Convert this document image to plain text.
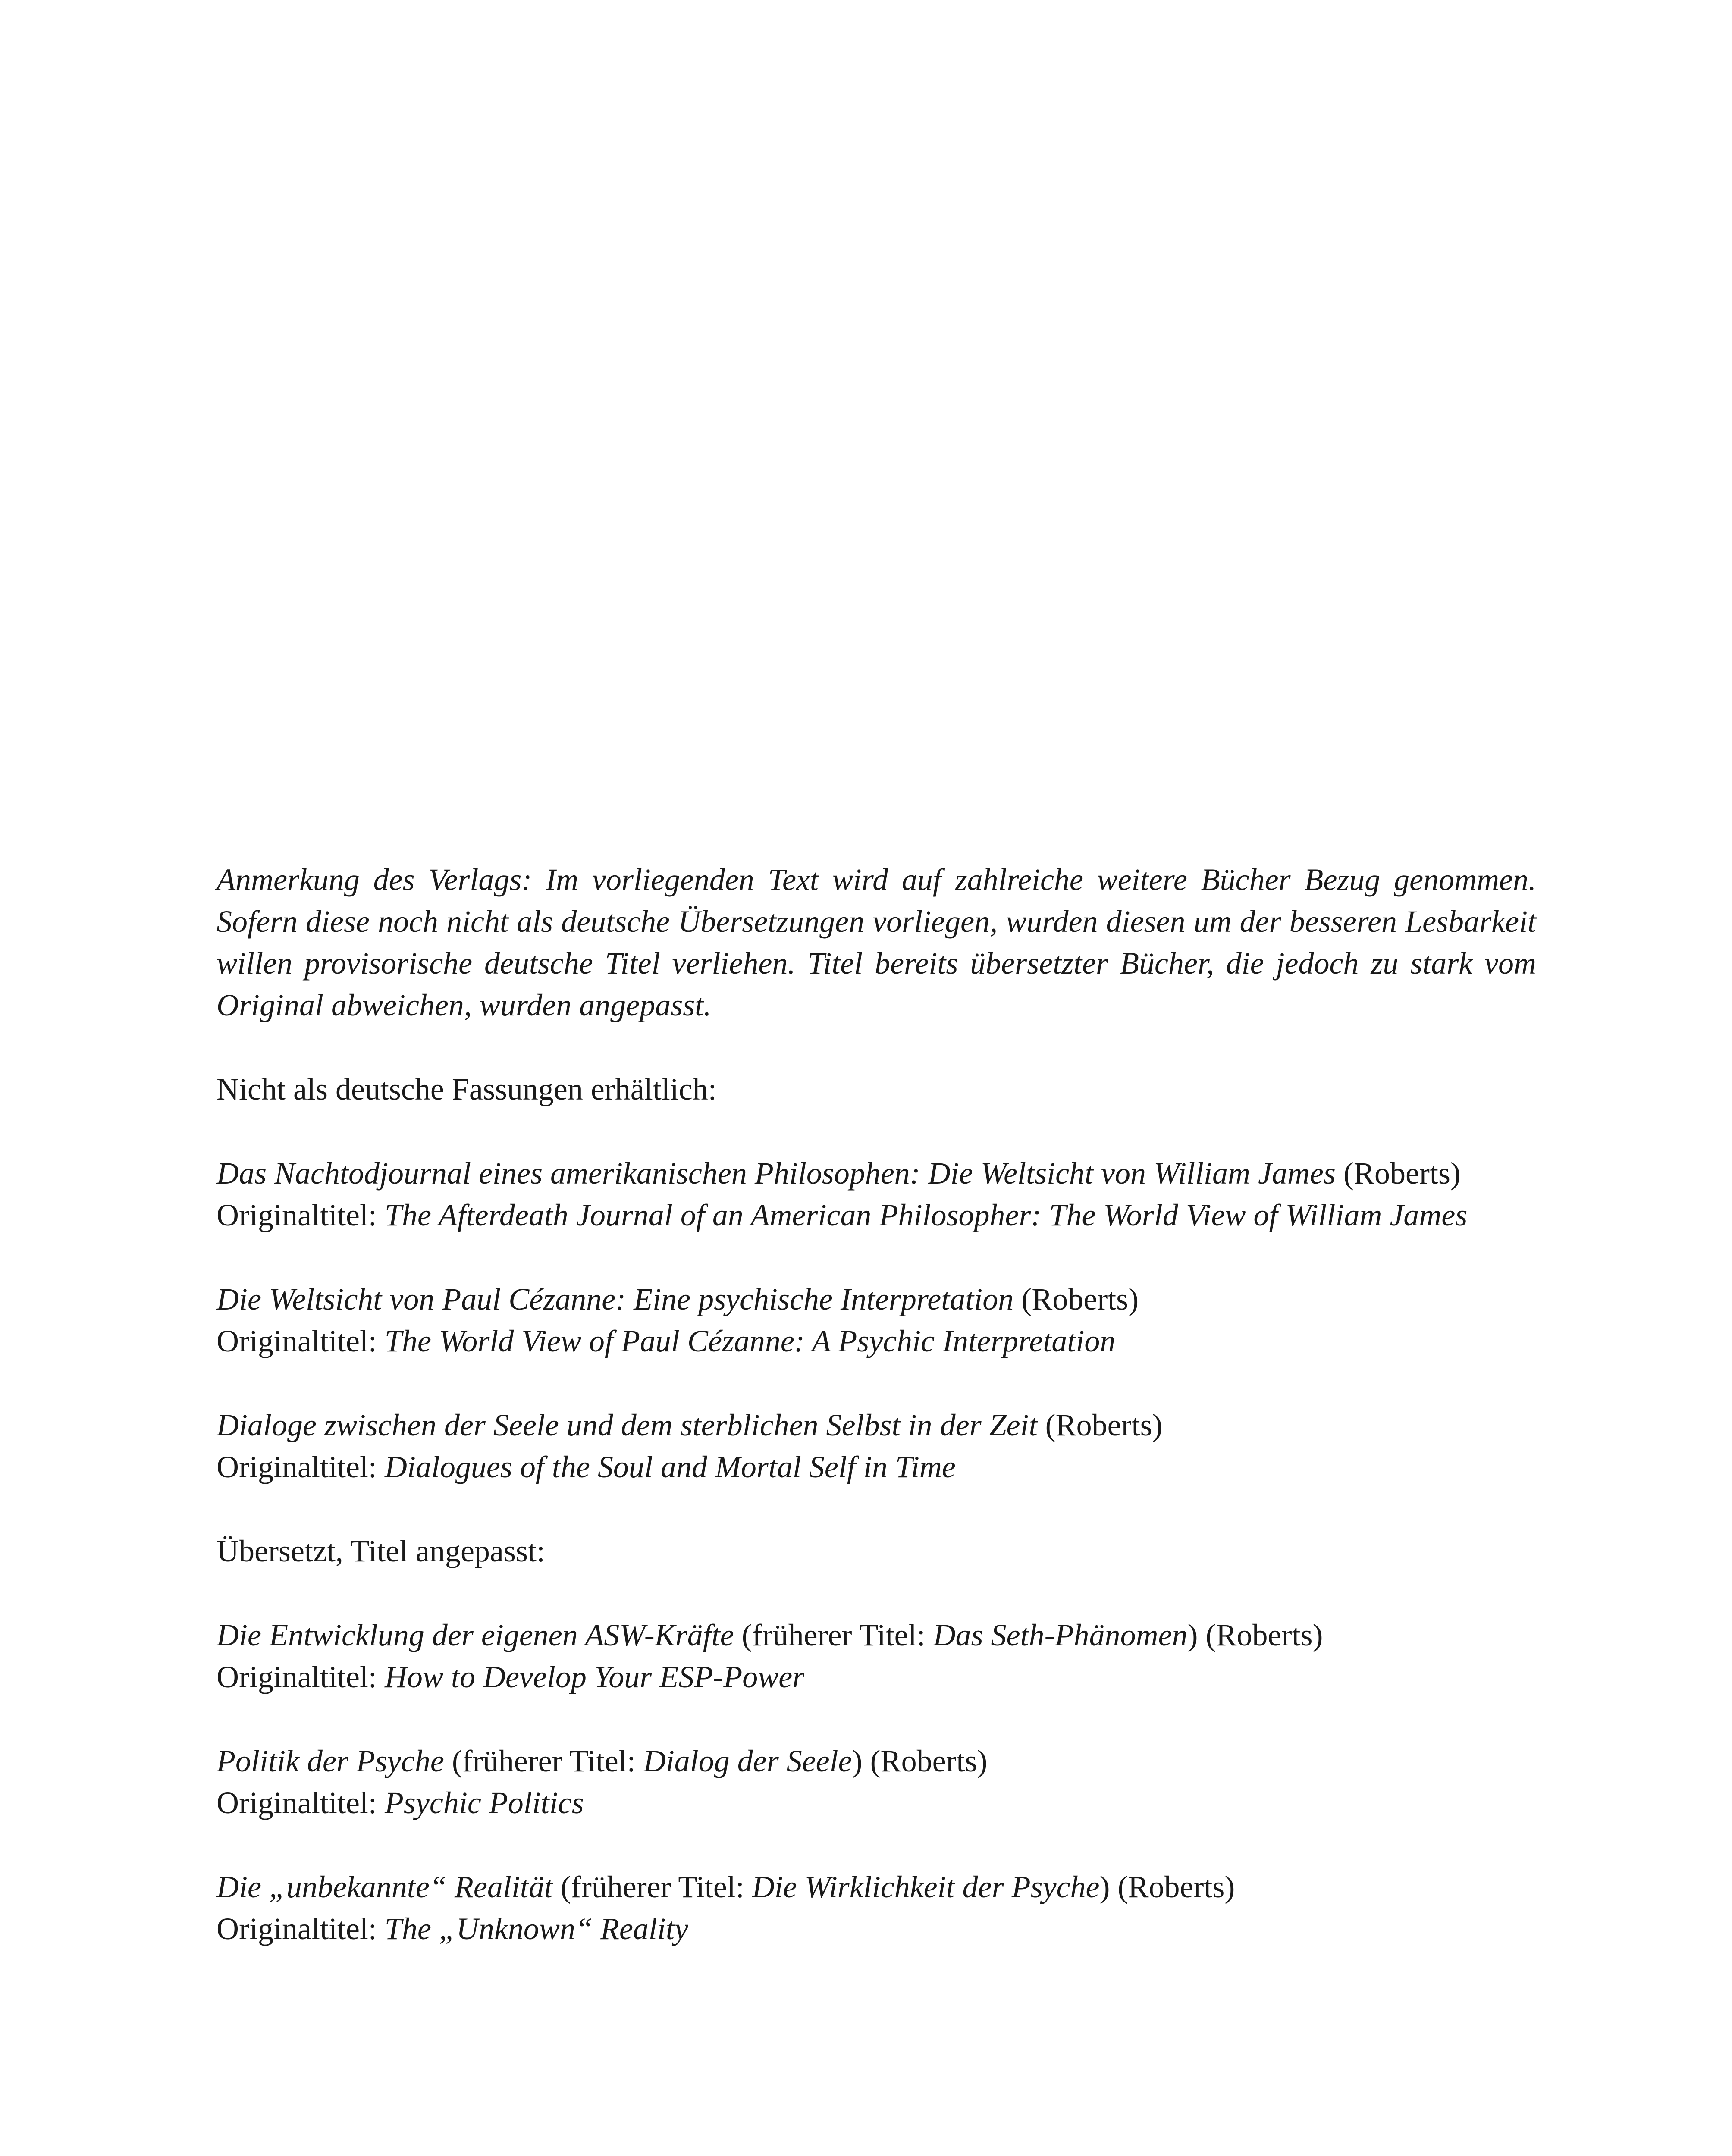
Anmerkung des Verlags: Im vorliegenden Text wird auf zahlreiche weitere Bücher Bezug genommen. Sofern diese noch nicht als deutsche Übersetzungen vorliegen, wurden diesen um der besseren Lesbarkeit willen provisorische deutsche Titel verliehen. Titel bereits übersetzter Bücher, die jedoch zu stark vom Original abweichen, wurden angepasst.

Nicht als deutsche Fassungen erhältlich:

Das Nachtodjournal eines amerikanischen Philosophen: Die Weltsicht von William James (Roberts)

Originaltitel: The Afterdeath Journal of an American Philosopher: The World View of William James

Die Weltsicht von Paul Cézanne: Eine psychische Interpretation (Roberts)

Originaltitel: The World View of Paul Cézanne: A Psychic Interpretation

Dialoge zwischen der Seele und dem sterblichen Selbst in der Zeit (Roberts)

Originaltitel: Dialogues of the Soul and Mortal Self in Time

Übersetzt, Titel angepasst:

Die Entwicklung der eigenen ASW-Kräfte (früherer Titel: Das Seth-Phänomen) (Roberts)

Originaltitel: How to Develop Your ESP-Power

Politik der Psyche (früherer Titel: Dialog der Seele) (Roberts)

Originaltitel: Psychic Politics

Die „unbekannte“ Realität (früherer Titel: Die Wirklichkeit der Psyche) (Roberts)

Originaltitel: The „Unknown“ Reality
